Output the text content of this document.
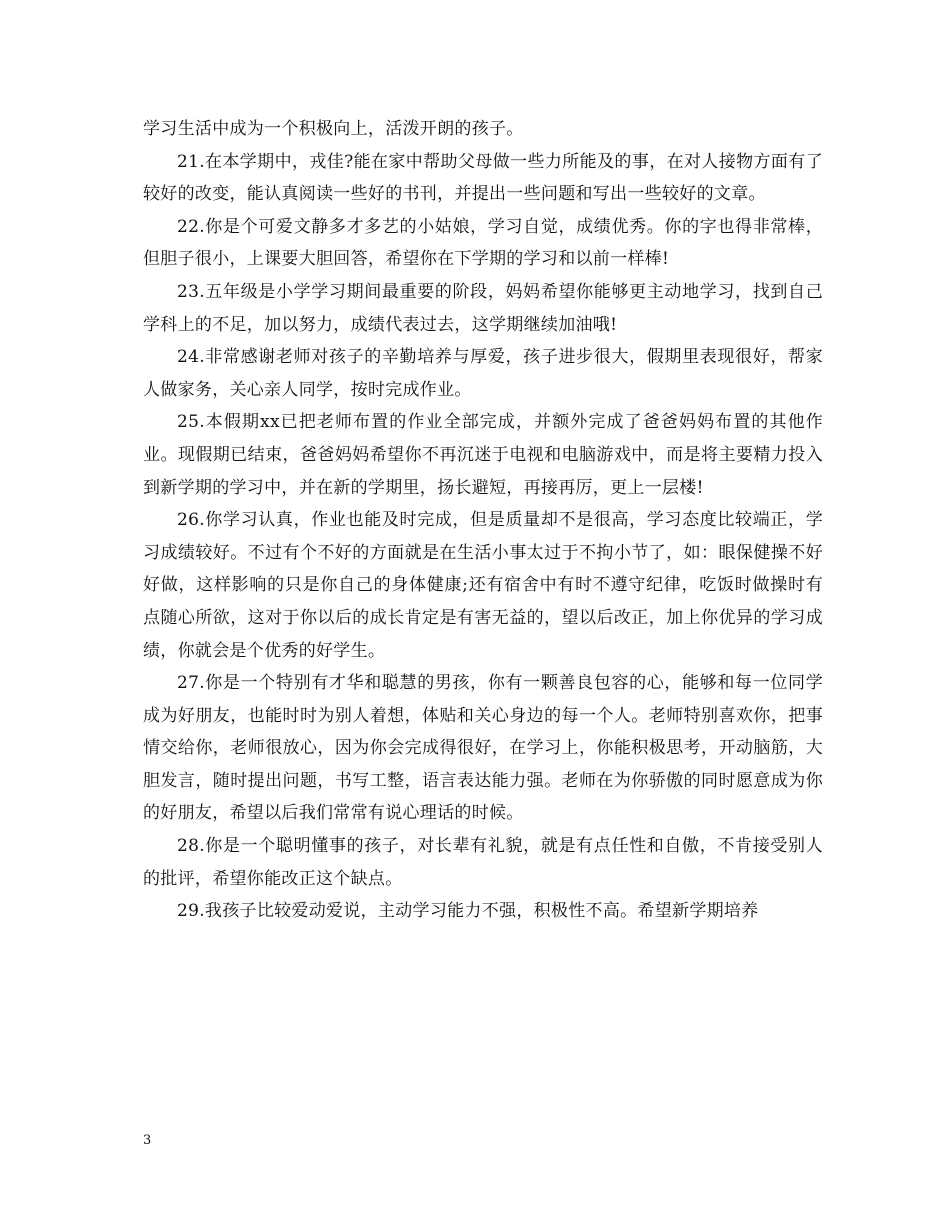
学习生活中成为一个积极向上，活泼开朗的孩子。

21.在本学期中，戎佳?能在家中帮助父母做一些力所能及的事，在对人接物方面有了较好的改变，能认真阅读一些好的书刊，并提出一些问题和写出一些较好的文章。

22.你是个可爱文静多才多艺的小姑娘，学习自觉，成绩优秀。你的字也得非常棒，但胆子很小，上课要大胆回答，希望你在下学期的学习和以前一样棒!

23.五年级是小学学习期间最重要的阶段，妈妈希望你能够更主动地学习，找到自己学科上的不足，加以努力，成绩代表过去，这学期继续加油哦!

24.非常感谢老师对孩子的辛勤培养与厚爱，孩子进步很大，假期里表现很好，帮家人做家务，关心亲人同学，按时完成作业。

25.本假期xx已把老师布置的作业全部完成，并额外完成了爸爸妈妈布置的其他作业。现假期已结束，爸爸妈妈希望你不再沉迷于电视和电脑游戏中，而是将主要精力投入到新学期的学习中，并在新的学期里，扬长避短，再接再厉，更上一层楼!

26.你学习认真，作业也能及时完成，但是质量却不是很高，学习态度比较端正，学习成绩较好。不过有个不好的方面就是在生活小事太过于不拘小节了，如：眼保健操不好好做，这样影响的只是你自己的身体健康;还有宿舍中有时不遵守纪律，吃饭时做操时有点随心所欲，这对于你以后的成长肯定是有害无益的，望以后改正，加上你优异的学习成绩，你就会是个优秀的好学生。

27.你是一个特别有才华和聪慧的男孩，你有一颗善良包容的心，能够和每一位同学成为好朋友，也能时时为别人着想，体贴和关心身边的每一个人。老师特别喜欢你，把事情交给你，老师很放心，因为你会完成得很好，在学习上，你能积极思考，开动脑筋，大胆发言，随时提出问题，书写工整，语言表达能力强。老师在为你骄傲的同时愿意成为你的好朋友，希望以后我们常常有说心理话的时候。

28.你是一个聪明懂事的孩子，对长辈有礼貌，就是有点任性和自傲，不肯接受别人的批评，希望你能改正这个缺点。

29.我孩子比较爱动爱说，主动学习能力不强，积极性不高。希望新学期培养

3
